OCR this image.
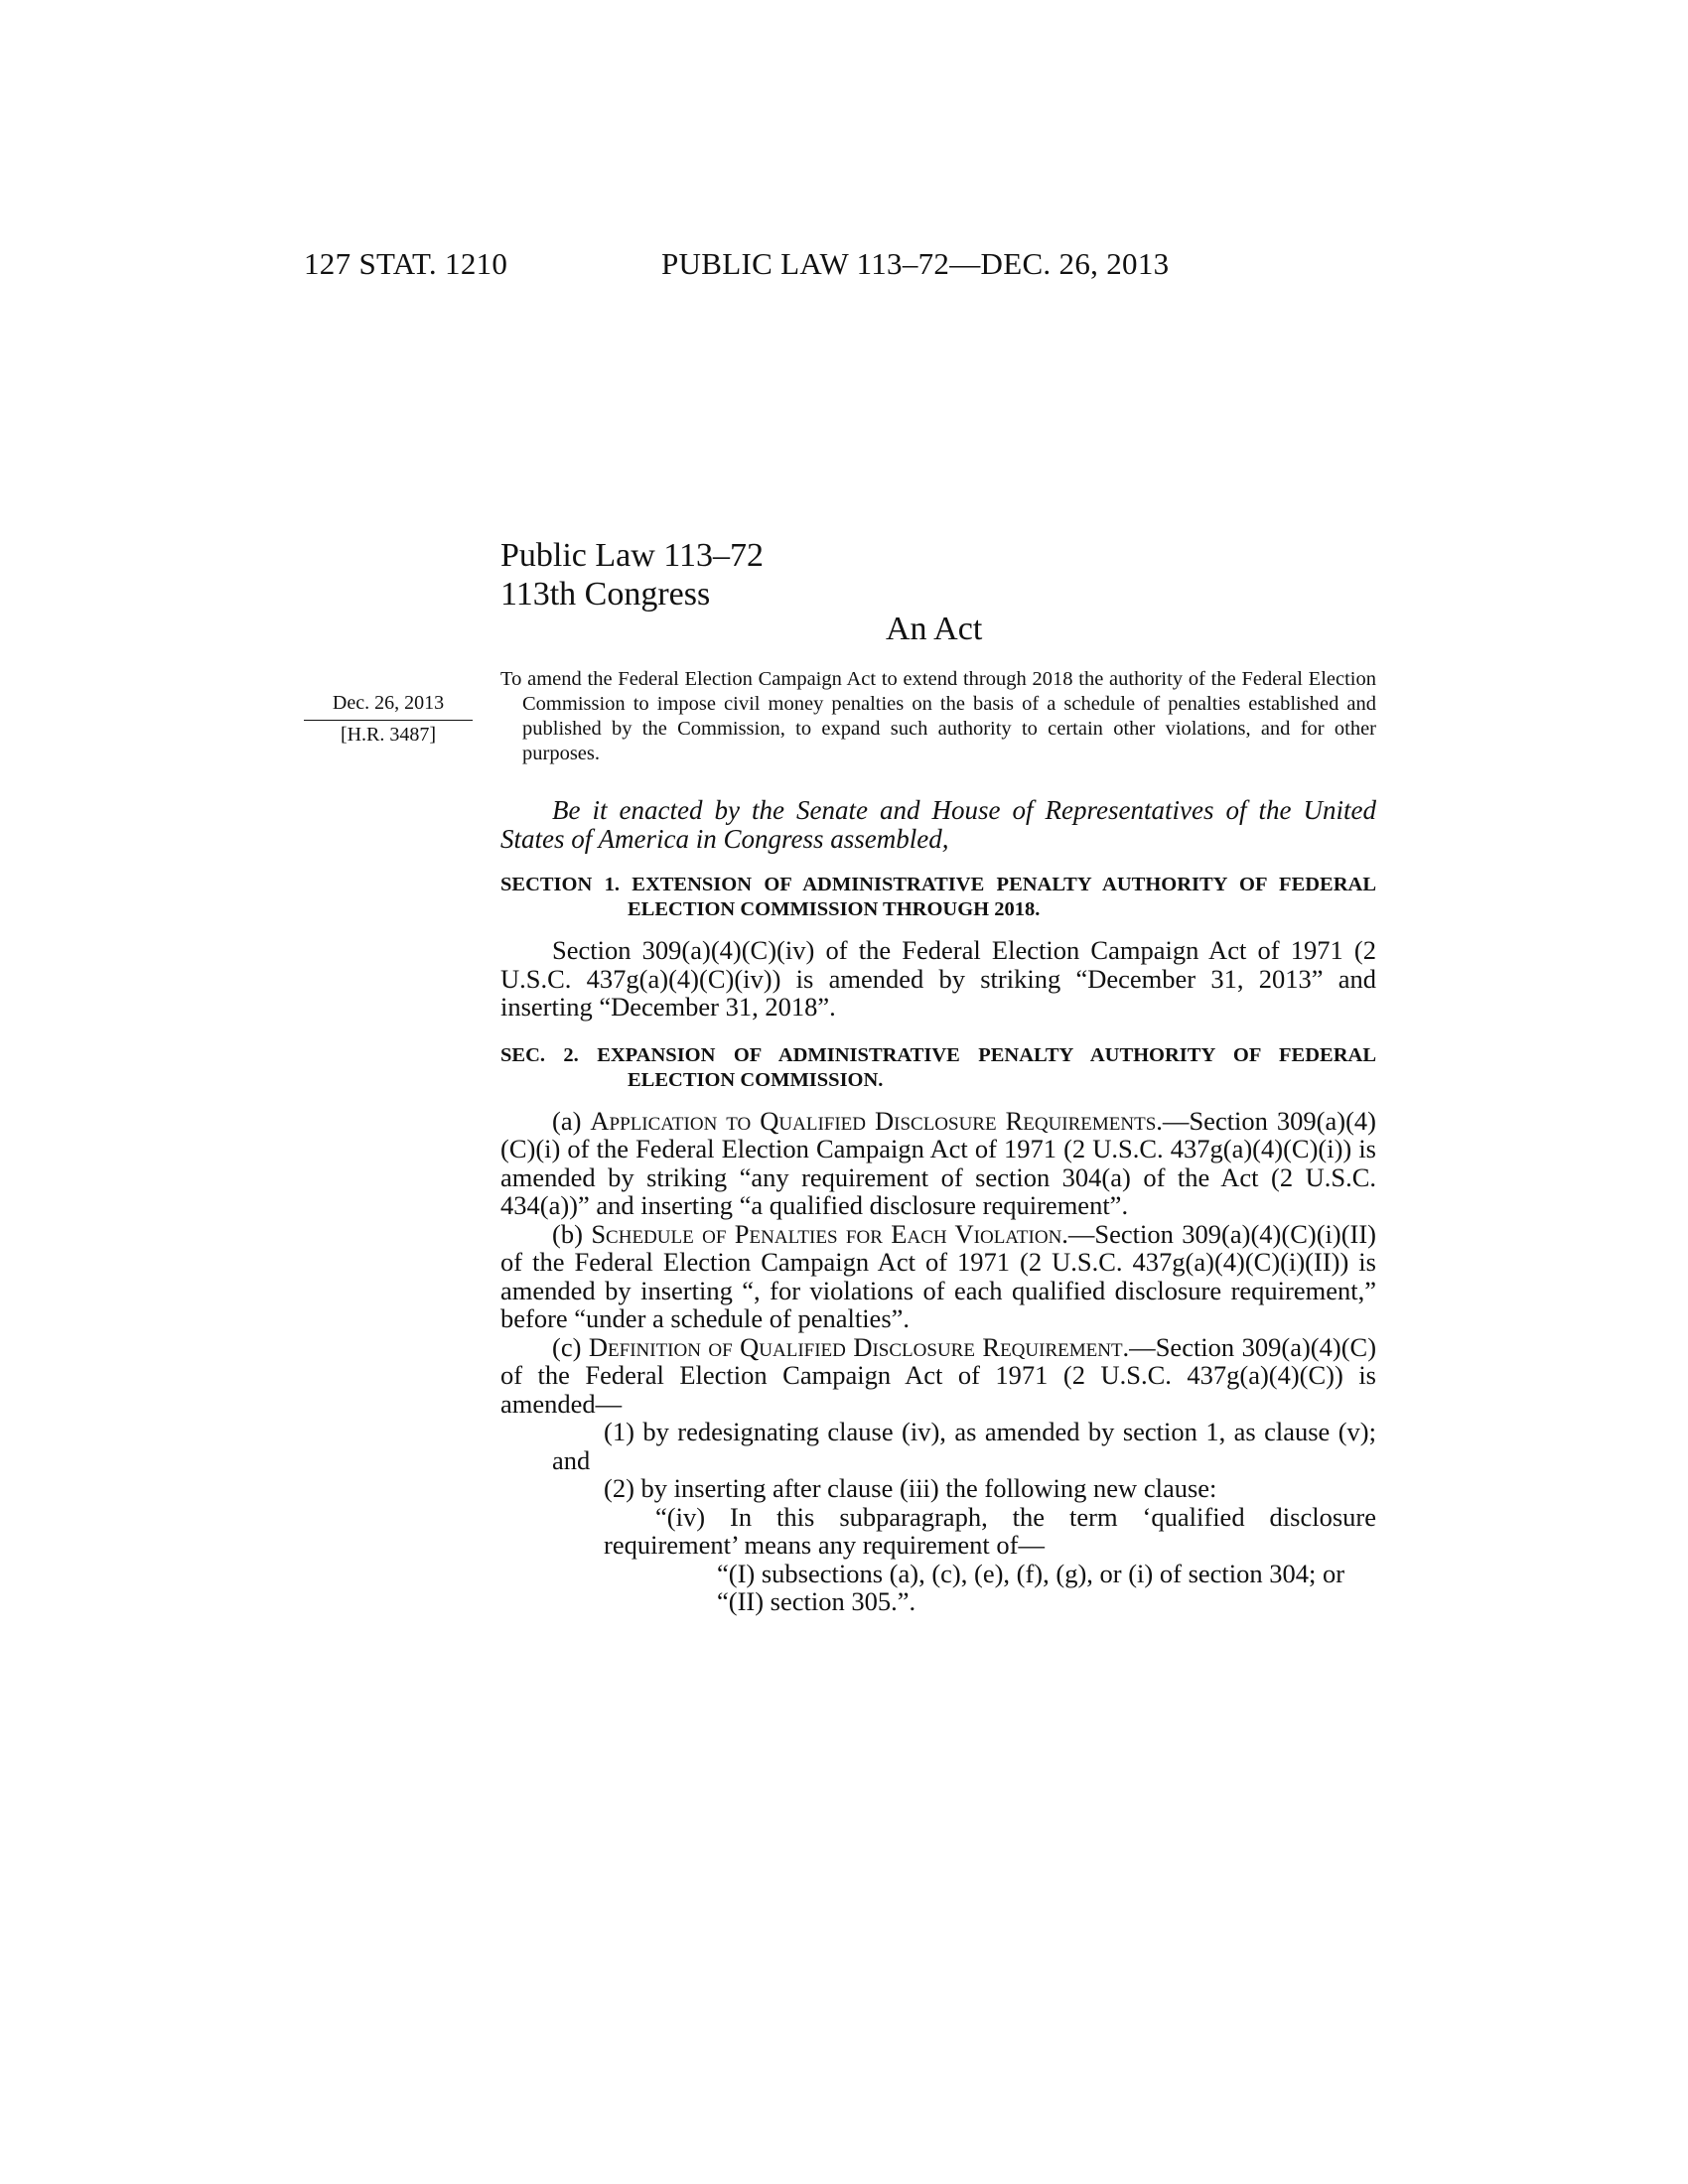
127 STAT. 1210	PUBLIC LAW 113–72—DEC. 26, 2013
Public Law 113–72
113th Congress
An Act
Dec. 26, 2013
[H.R. 3487]

To amend the Federal Election Campaign Act to extend through 2018 the authority of the Federal Election Commission to impose civil money penalties on the basis of a schedule of penalties established and published by the Commission, to expand such authority to certain other violations, and for other purposes.

Be it enacted by the Senate and House of Representatives of the United States of America in Congress assembled,

SECTION 1. EXTENSION OF ADMINISTRATIVE PENALTY AUTHORITY OF FEDERAL ELECTION COMMISSION THROUGH 2018.

Section 309(a)(4)(C)(iv) of the Federal Election Campaign Act of 1971 (2 U.S.C. 437g(a)(4)(C)(iv)) is amended by striking “December 31, 2013” and inserting “December 31, 2018”.

SEC. 2. EXPANSION OF ADMINISTRATIVE PENALTY AUTHORITY OF FEDERAL ELECTION COMMISSION.

(a) Application to Qualified Disclosure Requirements.—Section 309(a)(4)(C)(i) of the Federal Election Campaign Act of 1971 (2 U.S.C. 437g(a)(4)(C)(i)) is amended by striking “any requirement of section 304(a) of the Act (2 U.S.C. 434(a))” and inserting “a qualified disclosure requirement”.

(b) Schedule of Penalties for Each Violation.—Section 309(a)(4)(C)(i)(II) of the Federal Election Campaign Act of 1971 (2 U.S.C. 437g(a)(4)(C)(i)(II)) is amended by inserting “, for violations of each qualified disclosure requirement,” before “under a schedule of penalties”.

(c) Definition of Qualified Disclosure Requirement.—Section 309(a)(4)(C) of the Federal Election Campaign Act of 1971 (2 U.S.C. 437g(a)(4)(C)) is amended—

(1) by redesignating clause (iv), as amended by section 1, as clause (v); and

(2) by inserting after clause (iii) the following new clause:

“(iv) In this subparagraph, the term ‘qualified disclosure requirement’ means any requirement of—

“(I) subsections (a), (c), (e), (f), (g), or (i) of section 304; or

“(II) section 305.”.
